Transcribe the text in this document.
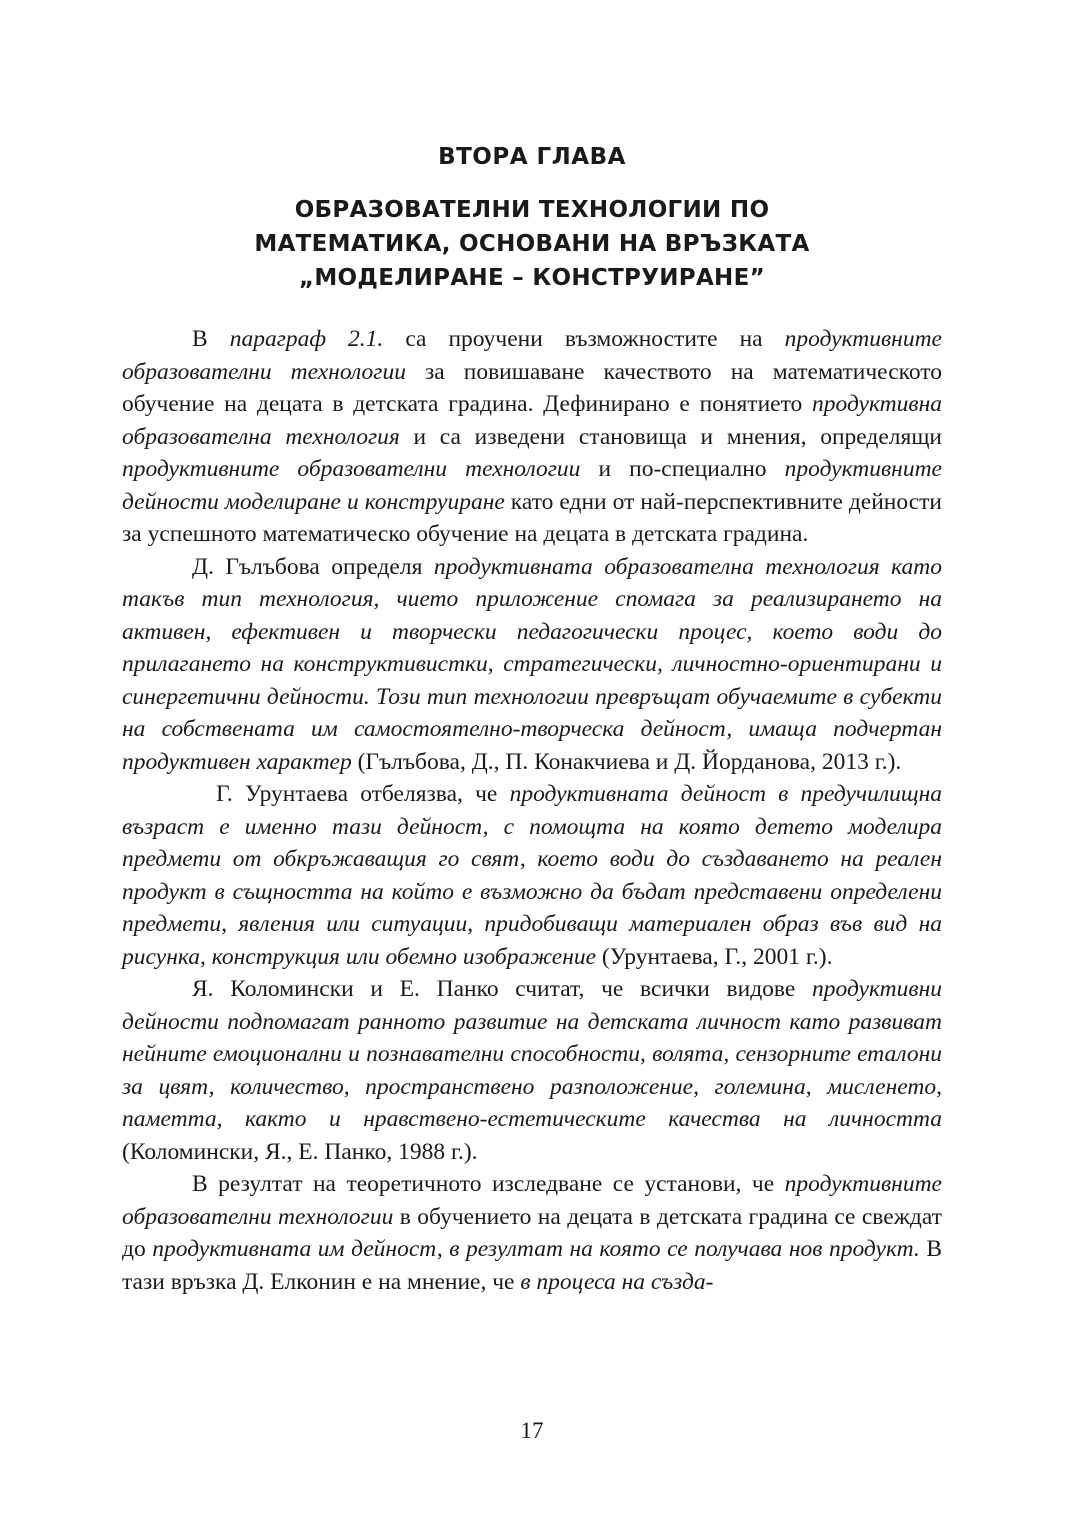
ВТОРА ГЛАВА
ОБРАЗОВАТЕЛНИ ТЕХНОЛОГИИ ПО
МАТЕМАТИКА, ОСНОВАНИ НА ВРЪЗКАТА
„МОДЕЛИРАНЕ – КОНСТРУИРАНЕ”

В параграф 2.1. са проучени възможностите на продуктивните образователни технологии за повишаване качеството на математическото обучение на децата в детската градина. Дефинирано е понятието продуктивна образователна технология и са изведени становища и мнения, определящи продуктивните образователни технологии и по-специално продуктивните дейности моделиране и конструиране като едни от най-перспективните дейности за успешното математическо обучение на децата в детската градина.

Д. Гълъбова определя продуктивната образователна технология като такъв тип технология, чието приложение спомага за реализирането на активен, ефективен и творчески педагогически процес, което води до прилагането на конструктивистки, стратегически, личностно-ориентирани и синергетични дейности. Този тип технологии превръщат обучаемите в субекти на собствената им самостоятелно-творческа дейност, имаща подчертан продуктивен характер (Гълъбова, Д., П. Конакчиева и Д. Йорданова, 2013 г.).

Г. Урунтаева отбелязва, че продуктивната дейност в предучилищна възраст е именно тази дейност, с помощта на която детето моделира предмети от обкръжаващия го свят, което води до създаването на реален продукт в същността на който е възможно да бъдат представени определени предмети, явления или ситуации, придобиващи материален образ във вид на рисунка, конструкция или обемно изображение (Урунтаева, Г., 2001 г.).

Я. Коломински и Е. Панко считат, че всички видове продуктивни дейности подпомагат ранното развитие на детската личност като развиват нейните емоционални и познавателни способности, волята, сензорните еталони за цвят, количество, пространствено разположение, големина, мисленето, паметта, както и нравствено-естетическите качества на личността (Коломински, Я., Е. Панко, 1988 г.).

В резултат на теоретичното изследване се установи, че продуктивните образователни технологии в обучението на децата в детската градина се свеждат до продуктивната им дейност, в резултат на която се получава нов продукт. В тази връзка Д. Елконин е на мнение, че в процеса на създа-

17
